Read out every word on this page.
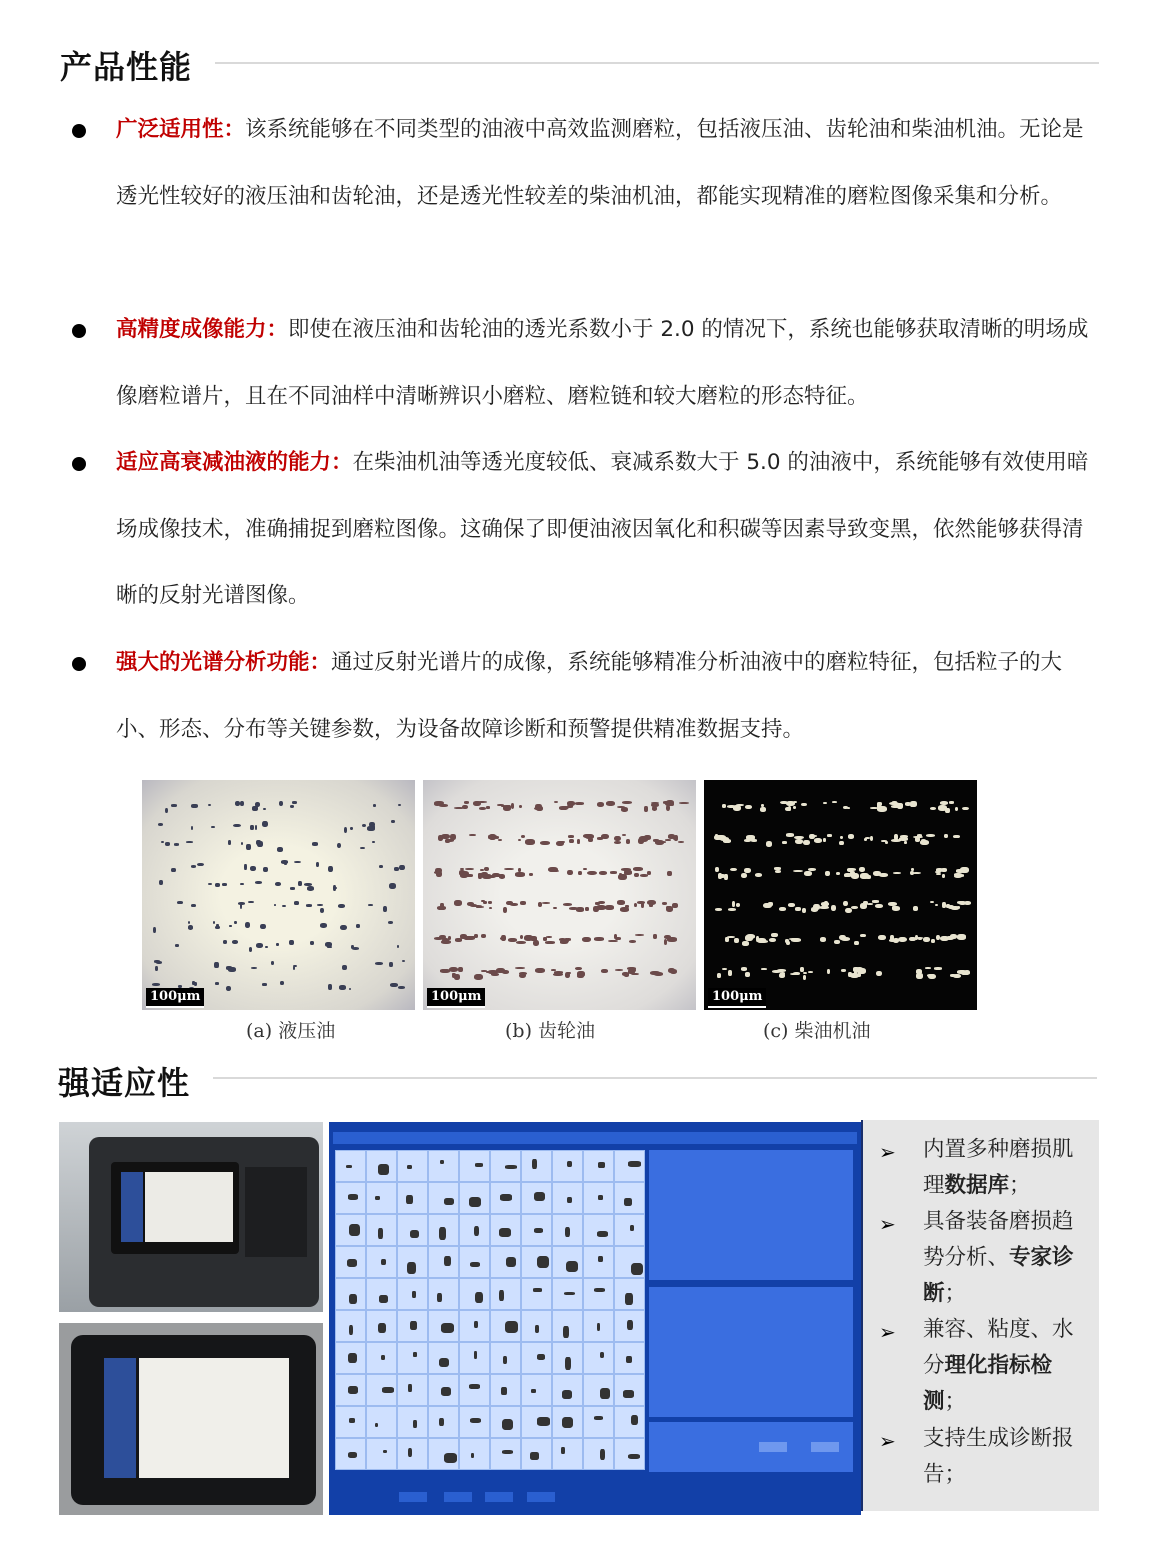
产品性能
广泛适用性：该系统能够在不同类型的油液中高效监测磨粒，包括液压油、齿轮油和柴油机油。无论是透光性较好的液压油和齿轮油，还是透光性较差的柴油机油，都能实现精准的磨粒图像采集和分析。
高精度成像能力：即使在液压油和齿轮油的透光系数小于 2.0 的情况下，系统也能够获取清晰的明场成像磨粒谱片，且在不同油样中清晰辨识小磨粒、磨粒链和较大磨粒的形态特征。
适应高衰减油液的能力：在柴油机油等透光度较低、衰减系数大于 5.0 的油液中，系统能够有效使用暗场成像技术，准确捕捉到磨粒图像。这确保了即便油液因氧化和积碳等因素导致变黑，依然能够获得清晰的反射光谱图像。
强大的光谱分析功能：通过反射光谱片的成像，系统能够精准分析油液中的磨粒特征，包括粒子的大小、形态、分布等关键参数，为设备故障诊断和预警提供精准数据支持。
100μm	100μm	100μm
(a) 液压油	(b) 齿轮油	(c) 柴油机油
强适应性
➢ 内置多种磨损肌理数据库；
➢ 具备装备磨损趋势分析、专家诊断；
➢ 兼容、粘度、水分理化指标检测；
➢ 支持生成诊断报告；
